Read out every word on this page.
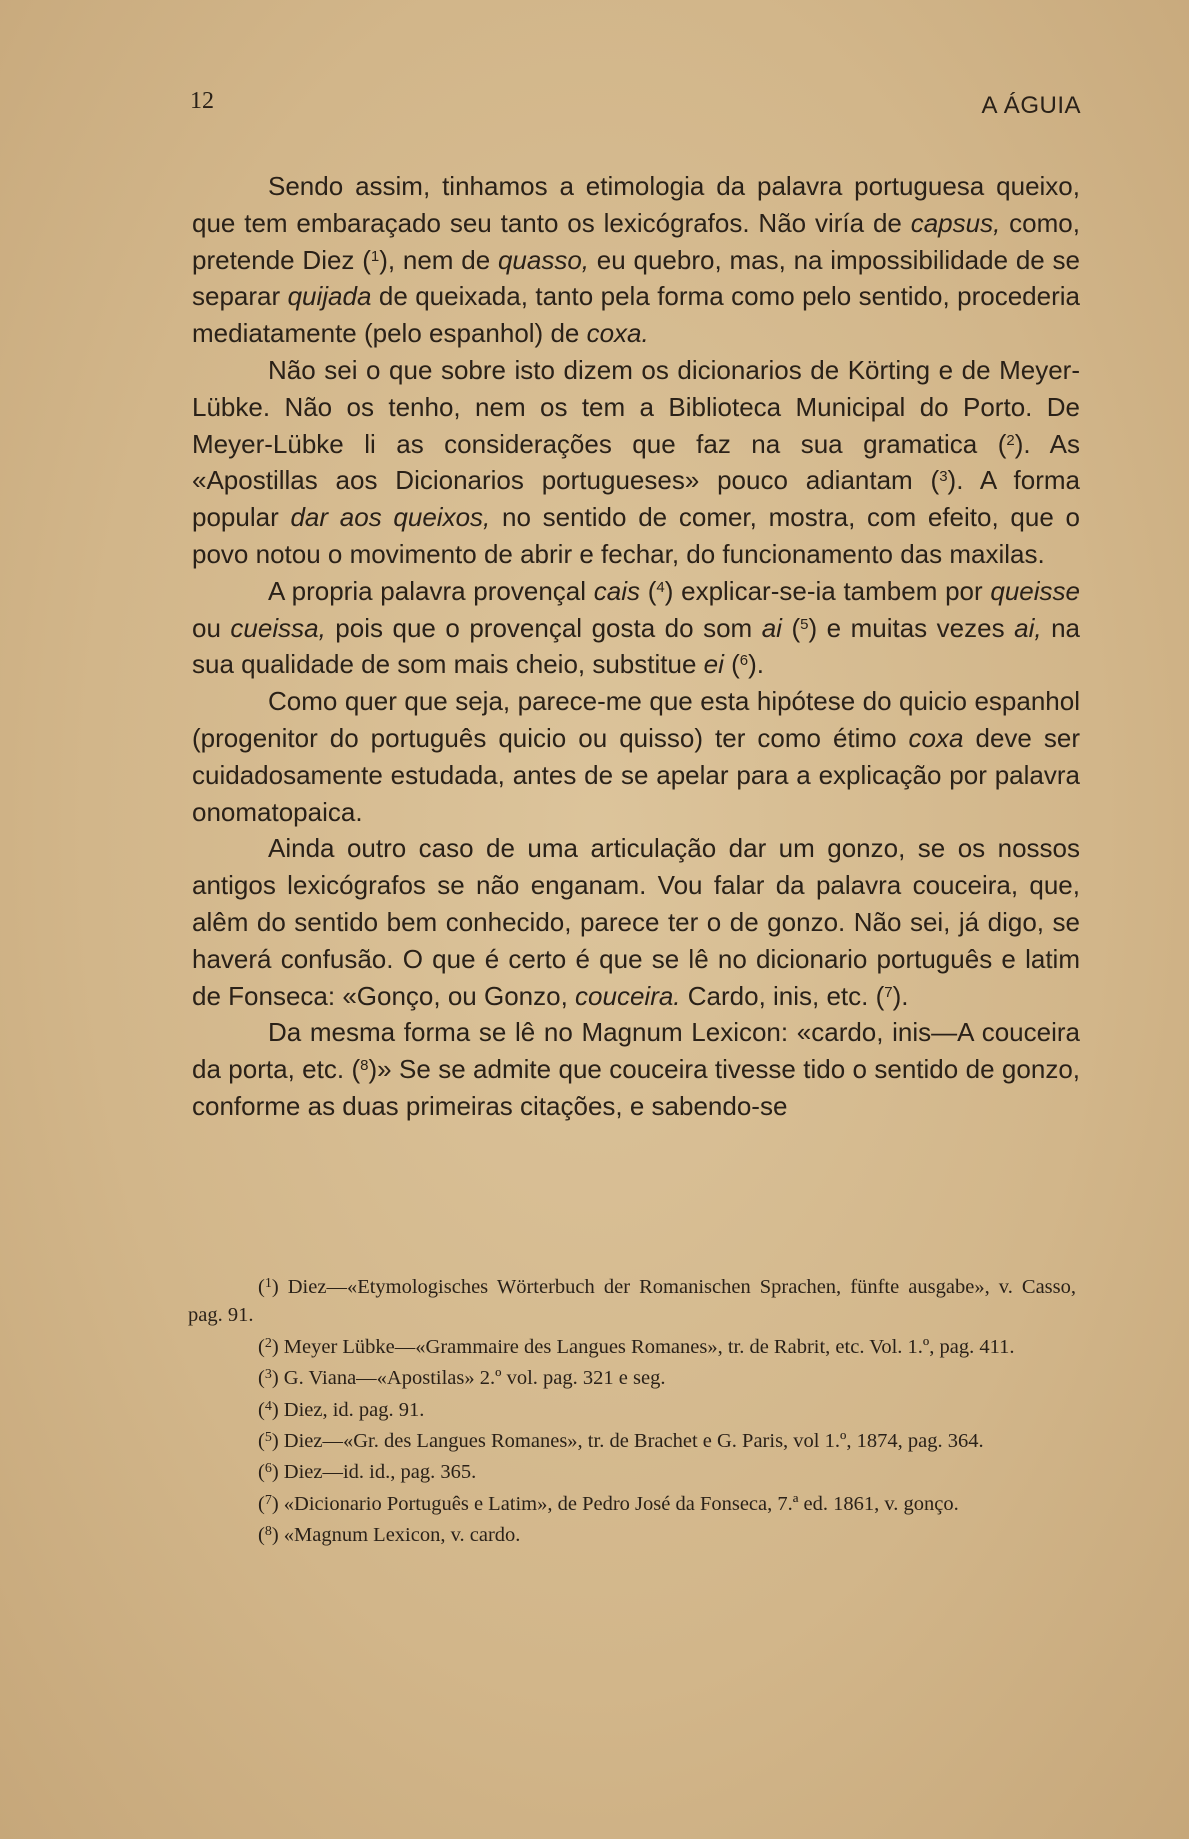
12	A ÁGUIA

Sendo assim, tinhamos a etimologia da palavra portuguesa queixo, que tem embaraçado seu tanto os lexicógrafos. Não viría de capsus, como, pretende Diez ($^1$), nem de quasso, eu quebro, mas, na impossibilidade de se separar quijada de queixada, tanto pela forma como pelo sentido, procederia mediatamente (pelo espanhol) de coxa.

Não sei o que sobre isto dizem os dicionarios de Körting e de Meyer-Lübke. Não os tenho, nem os tem a Biblioteca Municipal do Porto. De Meyer-Lübke li as considerações que faz na sua gramatica ($^2$). As «Apostillas aos Dicionarios portugueses» pouco adiantam ($^3$). A forma popular dar aos queixos, no sentido de comer, mostra, com efeito, que o povo notou o movimento de abrir e fechar, do funcionamento das maxilas.

A propria palavra provençal cais ($^4$) explicar-se-ia tambem por queisse ou cueissa, pois que o provençal gosta do som ai ($^5$) e muitas vezes ai, na sua qualidade de som mais cheio, substitue ei ($^6$).

Como quer que seja, parece-me que esta hipótese do quicio espanhol (progenitor do português quicio ou quisso) ter como étimo coxa deve ser cuidadosamente estudada, antes de se apelar para a explicação por palavra onomatopaica.

Ainda outro caso de uma articulação dar um gonzo, se os nossos antigos lexicógrafos se não enganam. Vou falar da palavra couceira, que, alêm do sentido bem conhecido, parece ter o de gonzo. Não sei, já digo, se haverá confusão. O que é certo é que se lê no dicionario português e latim de Fonseca: «Gonço, ou Gonzo, couceira. Cardo, inis, etc. ($^7$).

Da mesma forma se lê no Magnum Lexicon: «cardo, inis—A couceira da porta, etc. ($^8$)» Se se admite que couceira tivesse tido o sentido de gonzo, conforme as duas primeiras citações, e sabendo-se

($^1$) Diez—«Etymologisches Wörterbuch der Romanischen Sprachen, fünfte ausgabe», v. Casso, pag. 91.

($^2$) Meyer Lübke—«Grammaire des Langues Romanes», tr. de Rabrit, etc. Vol. 1.º, pag. 411.

($^3$) G. Viana—«Apostilas» 2.º vol. pag. 321 e seg.

($^4$) Diez, id. pag. 91.

($^5$) Diez—«Gr. des Langues Romanes», tr. de Brachet e G. Paris, vol 1.º, 1874, pag. 364.

($^6$) Diez—id. id., pag. 365.

($^7$) «Dicionario Português e Latim», de Pedro José da Fonseca, 7.ª ed. 1861, v. gonço.

($^8$) «Magnum Lexicon, v. cardo.
